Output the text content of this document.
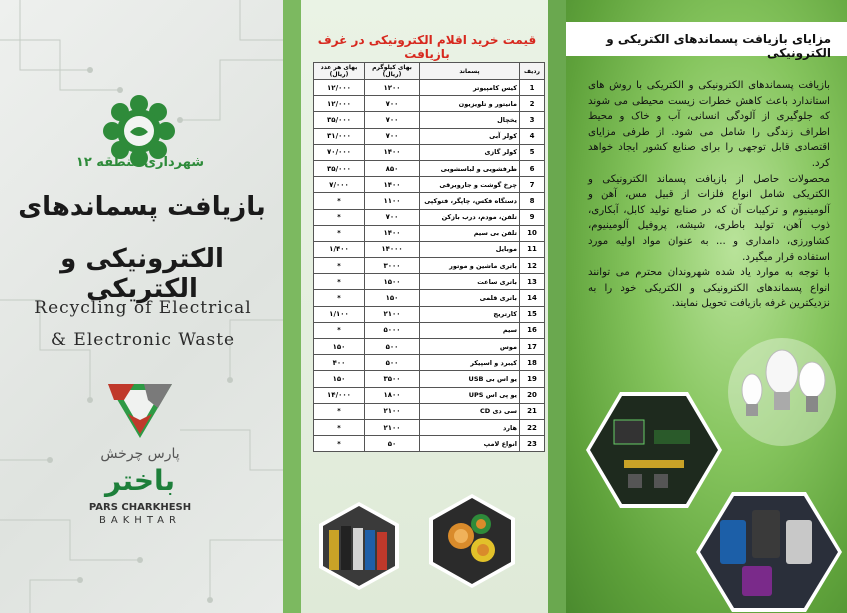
شهرداری منطقه ۱۲
بازیافت پسماندهای
الکترونیکی و الکتریکی
Recycling of Electrical
& Electronic Waste
پارس چرخش
باختر
PARS CHARKHESH
BAKHTAR
قیمت خرید اقلام الکترونیکی در غرف بازیافت
ردیف	پسماند	بهای کیلوگرم (ریال)	بهای هر عدد (ریال)
1	کیس کامپیوتر	۱۲۰۰	۱۲/۰۰۰
2	مانیتور و تلویزیون	۷۰۰	۱۲/۰۰۰
3	یخچال	۷۰۰	۳۵/۰۰۰
4	کولر آبی	۷۰۰	۳۱/۰۰۰
5	کولر گازی	۱۴۰۰	۷۰/۰۰۰
6	ظرفشویی و لباسشویی	۸۵۰	۳۵/۰۰۰
7	چرخ گوشت و جاروبرقی	۱۴۰۰	۷/۰۰۰
8	دستگاه فکس، چاپگر، فتوکپی	۱۱۰۰	*
9	تلفن، مودم، درب بازکن	۷۰۰	*
10	تلفن بی سیم	۱۴۰۰	*
11	موبایل	۱۴۰۰۰	۱/۴۰۰
12	باتری ماشین و موتور	۳۰۰۰	*
13	باتری ساعت	۱۵۰۰	*
14	باتری قلمی	۱۵۰	*
15	کارتریج	۲۱۰۰	۱/۱۰۰
16	سیم	۵۰۰۰	*
17	موس	۵۰۰	۱۵۰
18	کیبرد و اسپیکر	۵۰۰	۴۰۰
19	یو اس بی USB	۳۵۰۰	۱۵۰
20	یو پی اس UPS	۱۸۰۰	۱۴/۰۰۰
21	سی دی CD	۲۱۰۰	*
22	هارد	۲۱۰۰	*
23	انواع لامپ	۵۰	*
مزایای بازیافت پسماندهای الکتریکی و الکترونیکی

بازیافت پسماندهای الکترونیکی و الکتریکی با روش های استاندارد باعث کاهش خطرات زیست محیطی می شوند که جلوگیری از آلودگی انسانی، آب و خاک و محیط اطراف زندگی را شامل می شود. از طرفی مزایای اقتصادی قابل توجهی را برای صنایع کشور ایجاد خواهد کرد.

محصولات حاصل از بازیافت پسماند الکترونیکی و الکتریکی شامل انواع فلزات از قبیل مس، آهن و آلومینیوم و ترکیبات آن که در صنایع تولید کابل، آبکاری، ذوب آهن، تولید باطری، شیشه، پروفیل آلومینیوم، کشاورزی، دامداری و ... به عنوان مواد اولیه مورد استفاده قرار میگیرد.

با توجه به موارد یاد شده شهروندان محترم می توانند انواع پسماندهای الکترونیکی و الکتریکی خود را به نزدیکترین غرفه بازیافت تحویل نمایند.
